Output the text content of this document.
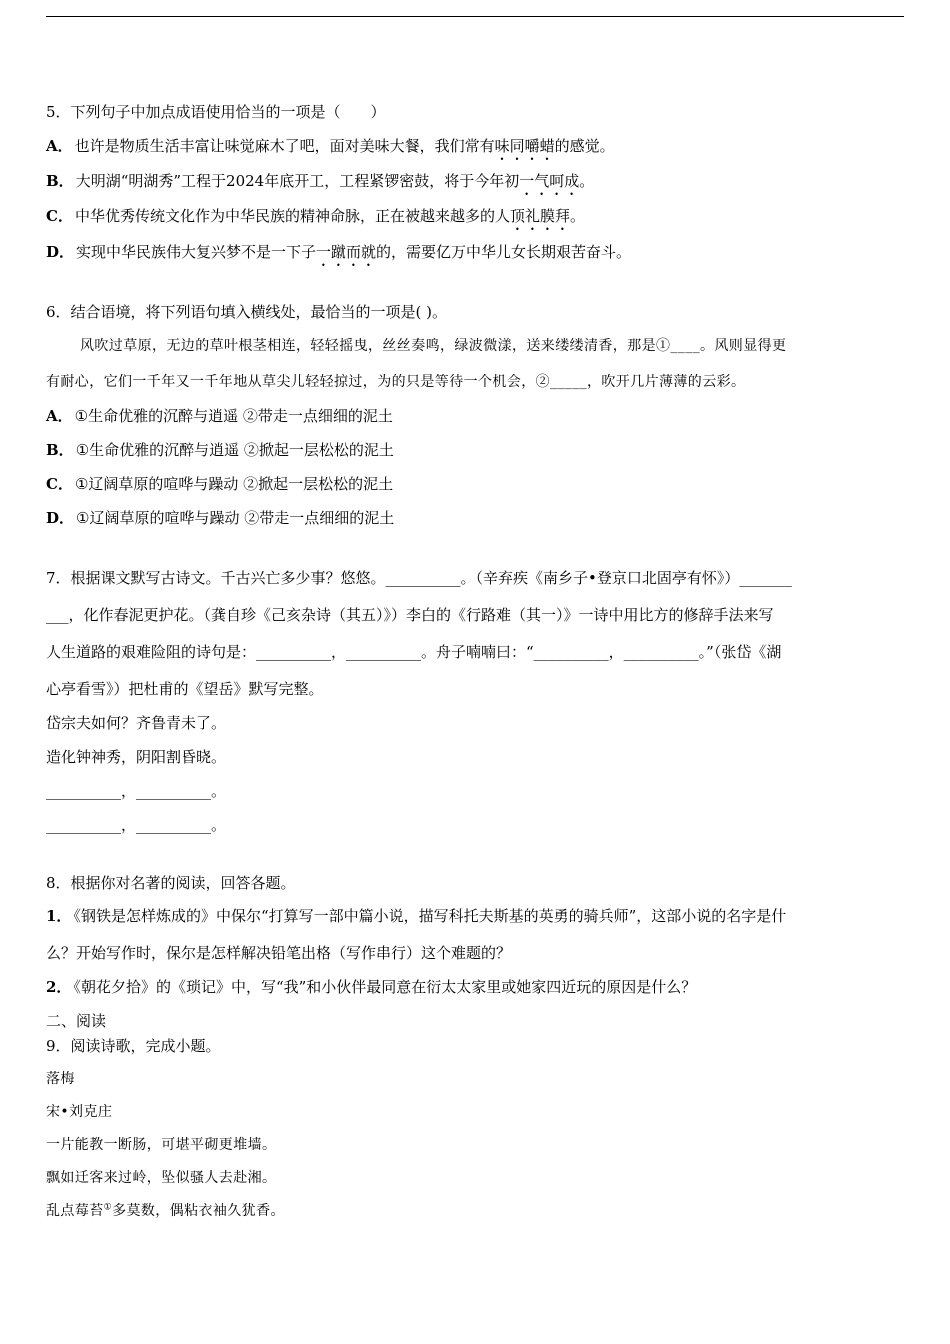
5．下列句子中加点成语使用恰当的一项是（　　）
A． 也许是物质生活丰富让味觉麻木了吧，面对美味大餐，我们常有味同嚼蜡的感觉。
B． 大明湖“明湖秀”工程于2024年底开工，工程紧锣密鼓，将于今年初一气呵成。
C． 中华优秀传统文化作为中华民族的精神命脉，正在被越来越多的人顶礼膜拜。
D． 实现中华民族伟大复兴梦不是一下子一蹴而就的，需要亿万中华儿女长期艰苦奋斗。
6．结合语境，将下列语句填入横线处，最恰当的一项是( )。
风吹过草原，无边的草叶根茎相连，轻轻摇曳，丝丝奏鸣，绿波微漾，送来缕缕清香，那是①____。风则显得更
有耐心，它们一千年又一千年地从草尖儿轻轻掠过，为的只是等待一个机会，②_____，吹开几片薄薄的云彩。
A． ①生命优雅的沉醉与逍遥 ②带走一点细细的泥土
B． ①生命优雅的沉醉与逍遥 ②掀起一层松松的泥土
C． ①辽阔草原的喧哗与躁动 ②掀起一层松松的泥土
D． ①辽阔草原的喧哗与躁动 ②带走一点细细的泥土
7．根据课文默写古诗文。千古兴亡多少事？悠悠。__________。（辛弃疾《南乡子•登京口北固亭有怀》）_______
___，化作春泥更护花。（龚自珍《己亥杂诗（其五）》）李白的《行路难（其一）》一诗中用比方的修辞手法来写
人生道路的艰难险阻的诗句是：__________，__________。舟子喃喃曰：“__________，__________。”（张岱《湖
心亭看雪》）把杜甫的《望岳》默写完整。
岱宗夫如何？齐鲁青未了。
造化钟神秀，阴阳割昏晓。
__________，__________。
__________，__________。
8．根据你对名著的阅读，回答各题。
1． 《钢铁是怎样炼成的》中保尔“打算写一部中篇小说，描写科托夫斯基的英勇的骑兵师”，这部小说的名字是什
么？开始写作时，保尔是怎样解决铅笔出格（写作串行）这个难题的？
2． 《朝花夕拾》的《琐记》中，写“我”和小伙伴最同意在衍太太家里或她家四近玩的原因是什么？
二、阅读
9．阅读诗歌，完成小题。
落梅
宋•刘克庄
一片能教一断肠，可堪平砌更堆墙。
飘如迁客来过岭，坠似骚人去赴湘。
乱点莓苔①多莫数，偶粘衣袖久犹香。
